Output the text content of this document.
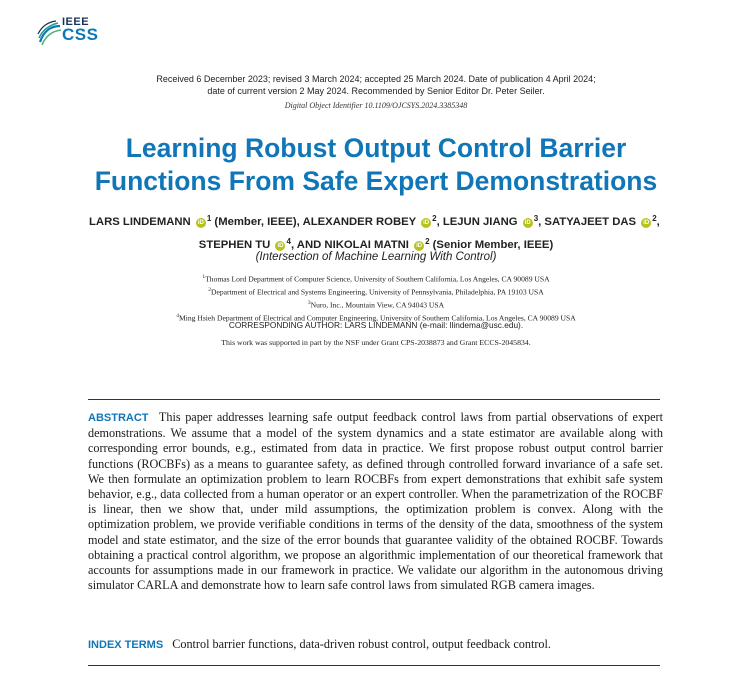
IEEE
CSS
Received 6 December 2023; revised 3 March 2024; accepted 25 March 2024. Date of publication 4 April 2024;
date of current version 2 May 2024. Recommended by Senior Editor Dr. Peter Seiler.
Digital Object Identifier 10.1109/OJCSYS.2024.3385348
Learning Robust Output Control Barrier
Functions From Safe Expert Demonstrations
LARS LINDEMANN iD $^1$ (Member, IEEE), ALEXANDER ROBEY iD $^2$, LEJUN JIANG iD $^3$, SATYAJEET DAS iD $^2$,
STEPHEN TU iD $^4$, AND NIKOLAI MATNI iD $^2$ (Senior Member, IEEE)
(Intersection of Machine Learning With Control)
$^1$Thomas Lord Department of Computer Science, University of Southern California, Los Angeles, CA 90089 USA
$^2$Department of Electrical and Systems Engineering, University of Pennsylvania, Philadelphia, PA 19103 USA
$^3$Nuro, Inc., Mountain View, CA 94043 USA
$^4$Ming Hsieh Department of Electrical and Computer Engineering, University of Southern California, Los Angeles, CA 90089 USA
CORRESPONDING AUTHOR: LARS LINDEMANN (e-mail: llindema@usc.edu).
This work was supported in part by the NSF under Grant CPS-2038873 and Grant ECCS-2045834.
ABSTRACT This paper addresses learning safe output feedback control laws from partial observations of expert demonstrations. We assume that a model of the system dynamics and a state estimator are available along with corresponding error bounds, e.g., estimated from data in practice. We first propose robust output control barrier functions (ROCBFs) as a means to guarantee safety, as defined through controlled forward invariance of a safe set. We then formulate an optimization problem to learn ROCBFs from expert demonstrations that exhibit safe system behavior, e.g., data collected from a human operator or an expert controller. When the parametrization of the ROCBF is linear, then we show that, under mild assumptions, the optimization problem is convex. Along with the optimization problem, we provide verifiable conditions in terms of the density of the data, smoothness of the system model and state estimator, and the size of the error bounds that guarantee validity of the obtained ROCBF. Towards obtaining a practical control algorithm, we propose an algorithmic implementation of our theoretical framework that accounts for assumptions made in our framework in practice. We validate our algorithm in the autonomous driving simulator CARLA and demonstrate how to learn safe control laws from simulated RGB camera images.
INDEX TERMS Control barrier functions, data-driven robust control, output feedback control.
